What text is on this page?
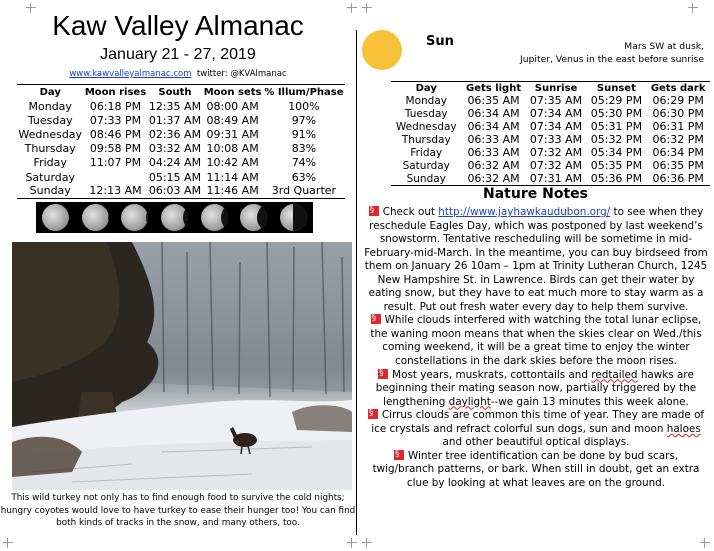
Kaw Valley Almanac
January 21 - 27, 2019
www.kawvalleyalmanac.com twitter: @KVAlmanac
Day	Moon rises	South	Moon sets	% Illum/Phase
Monday	06:18 PM	12:35 AM	08:00 AM	100%
Tuesday	07:33 PM	01:37 AM	08:49 AM	97%
Wednesday	08:46 PM	02:36 AM	09:31 AM	91%
Thursday	09:58 PM	03:32 AM	10:08 AM	83%
Friday	11:07 PM	04:24 AM	10:42 AM	74%
Saturday		05:15 AM	11:14 AM	63%
Sunday	12:13 AM	06:03 AM	11:46 AM	3rd Quarter
This wild turkey not only has to find enough food to survive the cold nights; hungry coyotes would love to have turkey to ease their hunger too! You can find both kinds of tracks in the snow, and many others, too.
Sun	Mars SW at dusk,
Jupiter, Venus in the east before sunrise
Day	Gets light	Sunrise	Sunset	Gets dark
Monday	06:35 AM	07:35 AM	05:29 PM	06:29 PM
Tuesday	06:34 AM	07:34 AM	05:30 PM	06:30 PM
Wednesday	06:34 AM	07:34 AM	05:31 PM	06:31 PM
Thursday	06:33 AM	07:33 AM	05:32 PM	06:32 PM
Friday	06:33 AM	07:32 AM	05:34 PM	06:34 PM
Saturday	06:32 AM	07:32 AM	05:35 PM	06:35 PM
Sunday	06:32 AM	07:31 AM	05:36 PM	06:36 PM
Nature Notes
§Check out http://www.jayhawkaudubon.org/ to see when they reschedule Eagles Day, which was postponed by last weekend’s snowstorm. Tentative rescheduling will be sometime in mid-February-mid-March. In the meantime, you can buy birdseed from them on January 26 10am – 1pm at Trinity Lutheran Church, 1245 New Hampshire St. in Lawrence. Birds can get their water by eating snow, but they have to eat much more to stay warm as a result. Put out fresh water every day to help them survive.
§While clouds interfered with watching the total lunar eclipse, the waning moon means that when the skies clear on Wed./this coming weekend, it will be a great time to enjoy the winter constellations in the dark skies before the moon rises.
§Most years, muskrats, cottontails and redtailed hawks are beginning their mating season now, partially triggered by the lengthening daylight--we gain 13 minutes this week alone.
§Cirrus clouds are common this time of year. They are made of ice crystals and refract colorful sun dogs, sun and moon haloes and other beautiful optical displays.
§Winter tree identification can be done by bud scars, twig/branch patterns, or bark. When still in doubt, get an extra clue by looking at what leaves are on the ground.
